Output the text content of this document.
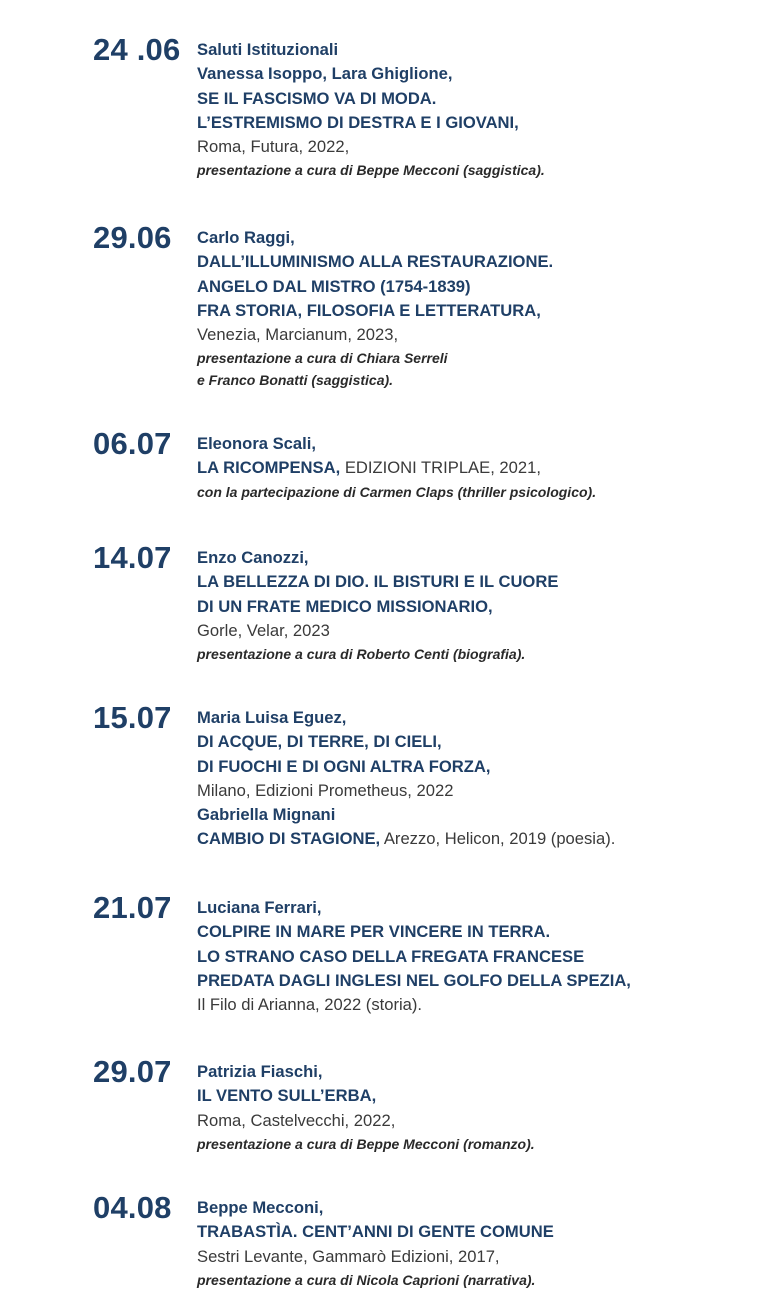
24 .06 Saluti Istituzionali
Vanessa Isoppo, Lara Ghiglione,
SE IL FASCISMO VA DI MODA.
L’ESTREMISMO DI DESTRA E I GIOVANI,
Roma, Futura, 2022,
presentazione a cura di Beppe Mecconi (saggistica).
29.06 Carlo Raggi,
DALL’ILLUMINISMO ALLA RESTAURAZIONE.
ANGELO DAL MISTRO (1754-1839)
FRA STORIA, FILOSOFIA E LETTERATURA,
Venezia, Marcianum, 2023,
presentazione a cura di Chiara Serreli
e Franco Bonatti (saggistica).
06.07 Eleonora Scali,
LA RICOMPENSA, EDIZIONI TRIPLAE, 2021,
con la partecipazione di Carmen Claps (thriller psicologico).
14.07 Enzo Canozzi,
LA BELLEZZA DI DIO. IL BISTURI E IL CUORE
DI UN FRATE MEDICO MISSIONARIO,
Gorle, Velar, 2023
presentazione a cura di Roberto Centi (biografia).
15.07 Maria Luisa Eguez,
DI ACQUE, DI TERRE, DI CIELI,
DI FUOCHI E DI OGNI ALTRA FORZA,
Milano, Edizioni Prometheus, 2022
Gabriella Mignani
CAMBIO DI STAGIONE, Arezzo, Helicon, 2019 (poesia).
21.07 Luciana Ferrari,
COLPIRE IN MARE PER VINCERE IN TERRA.
LO STRANO CASO DELLA FREGATA FRANCESE
PREDATA DAGLI INGLESI NEL GOLFO DELLA SPEZIA,
Il Filo di Arianna, 2022 (storia).
29.07 Patrizia Fiaschi,
IL VENTO SULL’ERBA,
Roma, Castelvecchi, 2022,
presentazione a cura di Beppe Mecconi (romanzo).
04.08 Beppe Mecconi,
TRABASTÌA. CENT’ANNI DI GENTE COMUNE
Sestri Levante, Gammarò Edizioni, 2017,
presentazione a cura di Nicola Caprioni (narrativa).
